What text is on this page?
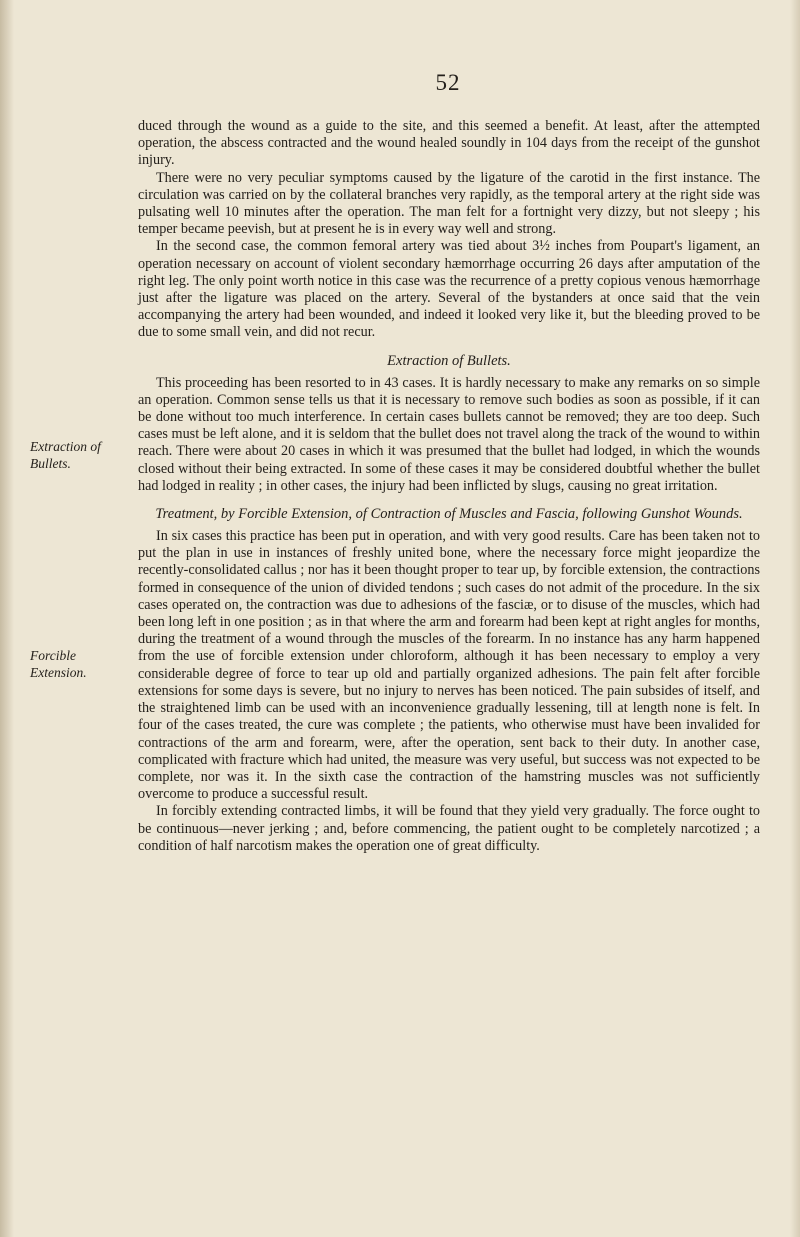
52
Extraction of Bullets.
Forcible Extension.

duced through the wound as a guide to the site, and this seemed a benefit. At least, after the attempted operation, the abscess contracted and the wound healed soundly in 104 days from the receipt of the gunshot injury.

There were no very peculiar symptoms caused by the ligature of the carotid in the first instance. The circulation was carried on by the collateral branches very rapidly, as the temporal artery at the right side was pulsating well 10 minutes after the operation. The man felt for a fortnight very dizzy, but not sleepy ; his temper became peevish, but at present he is in every way well and strong.

In the second case, the common femoral artery was tied about 3½ inches from Poupart's ligament, an operation necessary on account of violent secondary hæmorrhage occurring 26 days after amputation of the right leg. The only point worth notice in this case was the recurrence of a pretty copious venous hæmorrhage just after the ligature was placed on the artery. Several of the bystanders at once said that the vein accompanying the artery had been wounded, and indeed it looked very like it, but the bleeding proved to be due to some small vein, and did not recur.

Extraction of Bullets.

This proceeding has been resorted to in 43 cases. It is hardly necessary to make any remarks on so simple an operation. Common sense tells us that it is necessary to remove such bodies as soon as possible, if it can be done without too much interference. In certain cases bullets cannot be removed; they are too deep. Such cases must be left alone, and it is seldom that the bullet does not travel along the track of the wound to within reach. There were about 20 cases in which it was presumed that the bullet had lodged, in which the wounds closed without their being extracted. In some of these cases it may be considered doubtful whether the bullet had lodged in reality ; in other cases, the injury had been inflicted by slugs, causing no great irritation.

Treatment, by Forcible Extension, of Contraction of Muscles and Fascia, following Gunshot Wounds.

In six cases this practice has been put in operation, and with very good results. Care has been taken not to put the plan in use in instances of freshly united bone, where the necessary force might jeopardize the recently-consolidated callus ; nor has it been thought proper to tear up, by forcible extension, the contractions formed in consequence of the union of divided tendons ; such cases do not admit of the procedure. In the six cases operated on, the contraction was due to adhesions of the fasciæ, or to disuse of the muscles, which had been long left in one position ; as in that where the arm and forearm had been kept at right angles for months, during the treatment of a wound through the muscles of the forearm. In no instance has any harm happened from the use of forcible extension under chloroform, although it has been necessary to employ a very considerable degree of force to tear up old and partially organized adhesions. The pain felt after forcible extensions for some days is severe, but no injury to nerves has been noticed. The pain subsides of itself, and the straightened limb can be used with an inconvenience gradually lessening, till at length none is felt. In four of the cases treated, the cure was complete ; the patients, who otherwise must have been invalided for contractions of the arm and forearm, were, after the operation, sent back to their duty. In another case, complicated with fracture which had united, the measure was very useful, but success was not expected to be complete, nor was it. In the sixth case the contraction of the hamstring muscles was not sufficiently overcome to produce a successful result.

In forcibly extending contracted limbs, it will be found that they yield very gradually. The force ought to be continuous—never jerking ; and, before commencing, the patient ought to be completely narcotized ; a condition of half narcotism makes the operation one of great difficulty.
